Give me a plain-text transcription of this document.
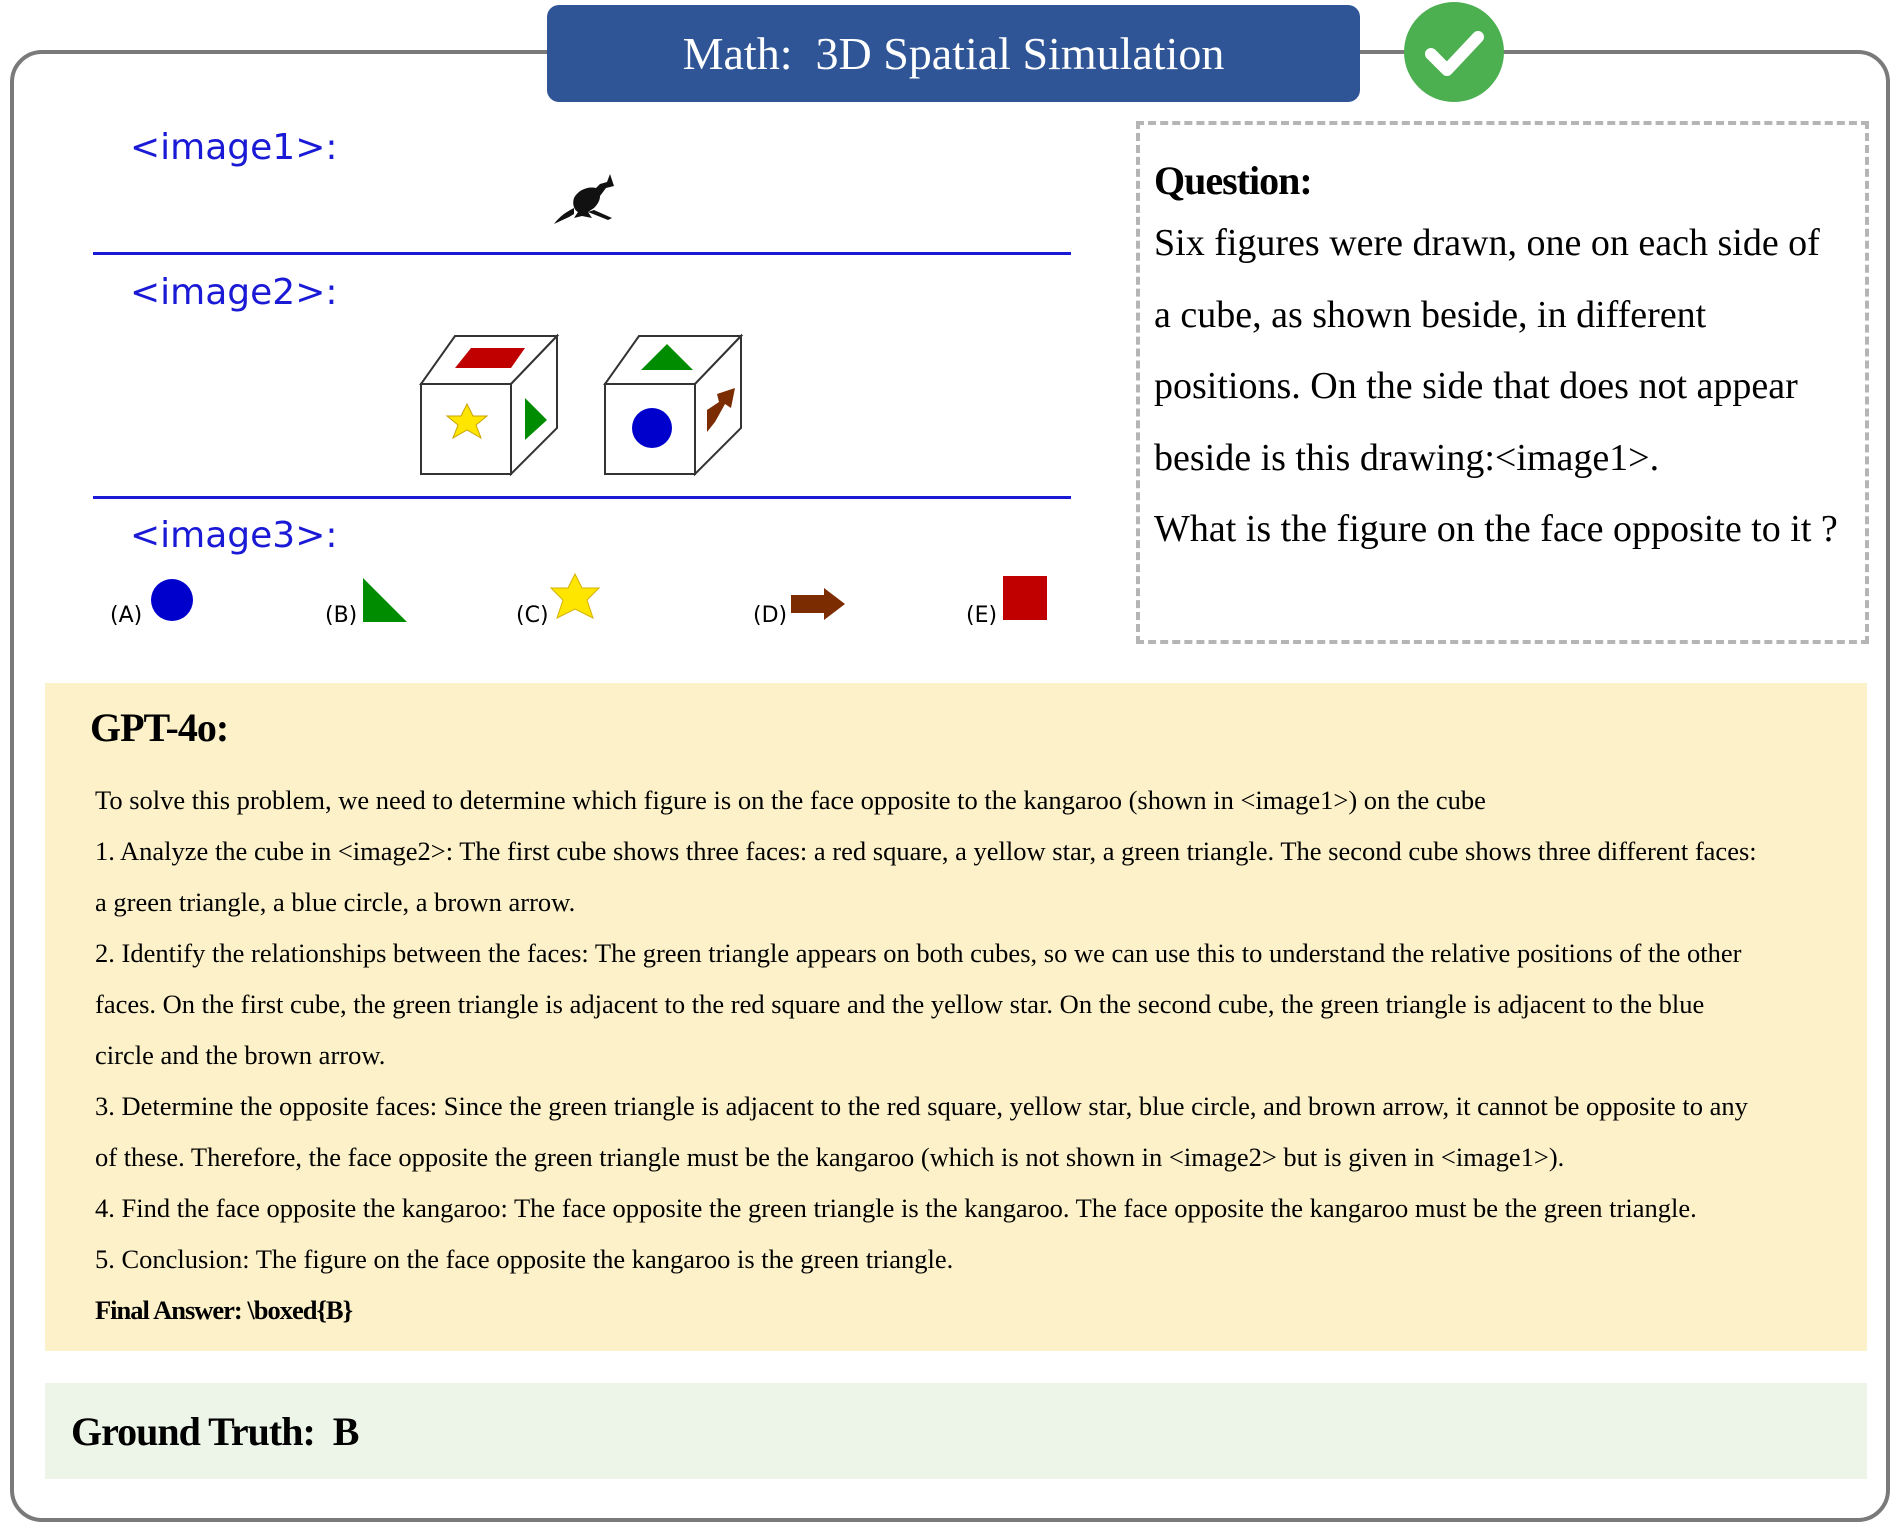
Math:  3D Spatial Simulation
<image1>:
<image2>:
<image3>:
(A)	(B)	(C)	(D)	(E)
Question:
Six figures were drawn, one on each side of
a cube, as shown beside, in different
positions. On the side that does not appear
beside is this drawing:<image1>.
What is the figure on the face opposite to it ?
GPT-4o:
To solve this problem, we need to determine which figure is on the face opposite to the kangaroo (shown in <image1>) on the cube
1. Analyze the cube in <image2>: The first cube shows three faces: a red square, a yellow star, a green triangle. The second cube shows three different faces:
a green triangle, a blue circle, a brown arrow.
2. Identify the relationships between the faces: The green triangle appears on both cubes, so we can use this to understand the relative positions of the other
faces. On the first cube, the green triangle is adjacent to the red square and the yellow star. On the second cube, the green triangle is adjacent to the blue
circle and the brown arrow.
3. Determine the opposite faces: Since the green triangle is adjacent to the red square, yellow star, blue circle, and brown arrow, it cannot be opposite to any
of these. Therefore, the face opposite the green triangle must be the kangaroo (which is not shown in <image2> but is given in <image1>).
4. Find the face opposite the kangaroo: The face opposite the green triangle is the kangaroo. The face opposite the kangaroo must be the green triangle.
5. Conclusion: The figure on the face opposite the kangaroo is the green triangle.
Final Answer: \boxed{B}
Ground Truth:  B
